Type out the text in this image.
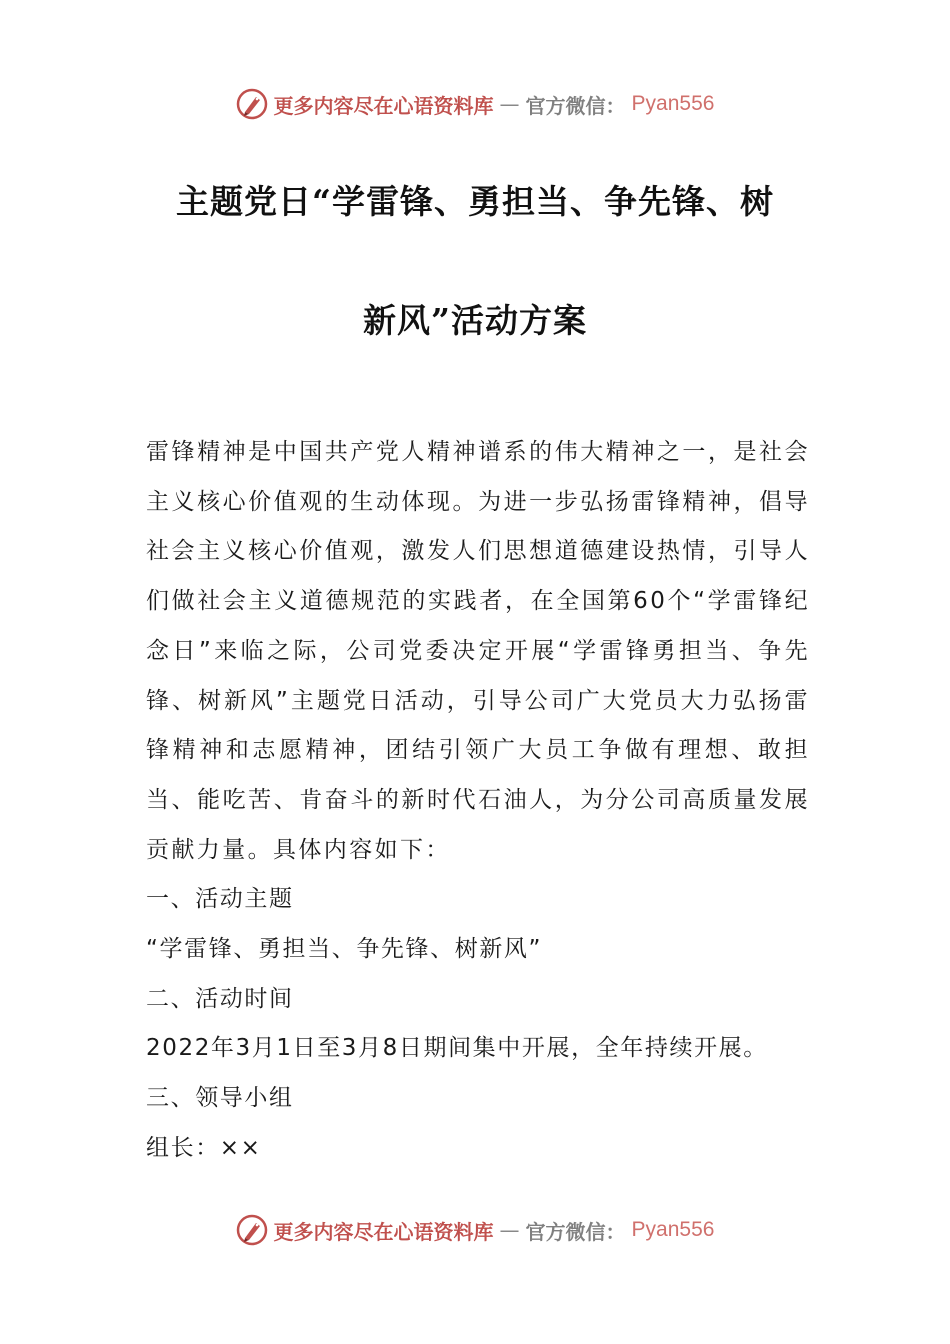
更多内容尽在心语资料库 — 官方微信： Pyan556
主题党日“学雷锋、勇担当、争先锋、树
新风”活动方案

雷锋精神是中国共产党人精神谱系的伟大精神之一，是社会主义核心价值观的生动体现。为进一步弘扬雷锋精神，倡导社会主义核心价值观，激发人们思想道德建设热情，引导人们做社会主义道德规范的实践者，在全国第60个“学雷锋纪念日”来临之际，公司党委决定开展“学雷锋勇担当、争先锋、树新风”主题党日活动，引导公司广大党员大力弘扬雷锋精神和志愿精神，团结引领广大员工争做有理想、敢担当、能吃苦、肯奋斗的新时代石油人，为分公司高质量发展贡献力量。具体内容如下：

一、活动主题

“学雷锋、勇担当、争先锋、树新风”

二、活动时间

2022年3月1日至3月8日期间集中开展，全年持续开展。

三、领导小组

组长：××

更多内容尽在心语资料库 — 官方微信： Pyan556
